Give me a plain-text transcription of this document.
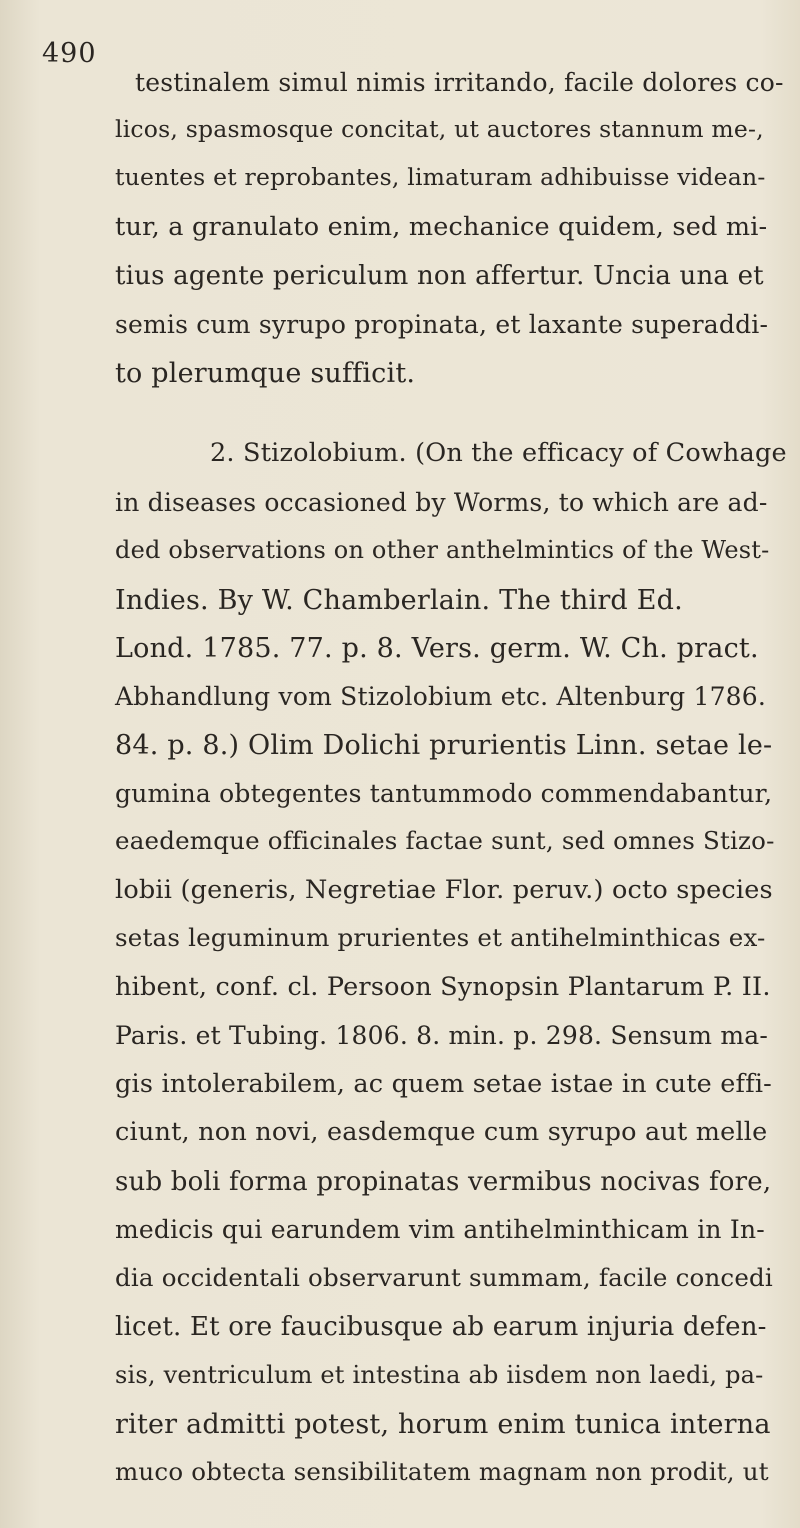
490
testinalem simul nimis irritando, facile dolores co-
licos, spasmosque concitat, ut auctores stannum me-,
tuentes et reprobantes, limaturam adhibuisse videan-
tur, a granulato enim, mechanice quidem, sed mi-
tius agente periculum non affertur. Uncia una et
semis cum syrupo propinata, et laxante superaddi-
to plerumque sufficit.
2. Stizolobium. (On the efficacy of Cowhage
in diseases occasioned by Worms, to which are ad-
ded observations on other anthelmintics of the West-
Indies. By W. Chamberlain. The third Ed.
Lond. 1785. 77. p. 8. Vers. germ. W. Ch. pract.
Abhandlung vom Stizolobium etc. Altenburg 1786.
84. p. 8.) Olim Dolichi prurientis Linn. setae le-
gumina obtegentes tantummodo commendabantur,
eaedemque officinales factae sunt, sed omnes Stizo-
lobii (generis, Negretiae Flor. peruv.) octo species
setas leguminum prurientes et antihelminthicas ex-
hibent, conf. cl. Persoon Synopsin Plantarum P. II.
Paris. et Tubing. 1806. 8. min. p. 298. Sensum ma-
gis intolerabilem, ac quem setae istae in cute effi-
ciunt, non novi, easdemque cum syrupo aut melle
sub boli forma propinatas vermibus nocivas fore,
medicis qui earundem vim antihelminthicam in In-
dia occidentali observarunt summam, facile concedi
licet. Et ore faucibusque ab earum injuria defen-
sis, ventriculum et intestina ab iisdem non laedi, pa-
riter admitti potest, horum enim tunica interna
muco obtecta sensibilitatem magnam non prodit, ut
